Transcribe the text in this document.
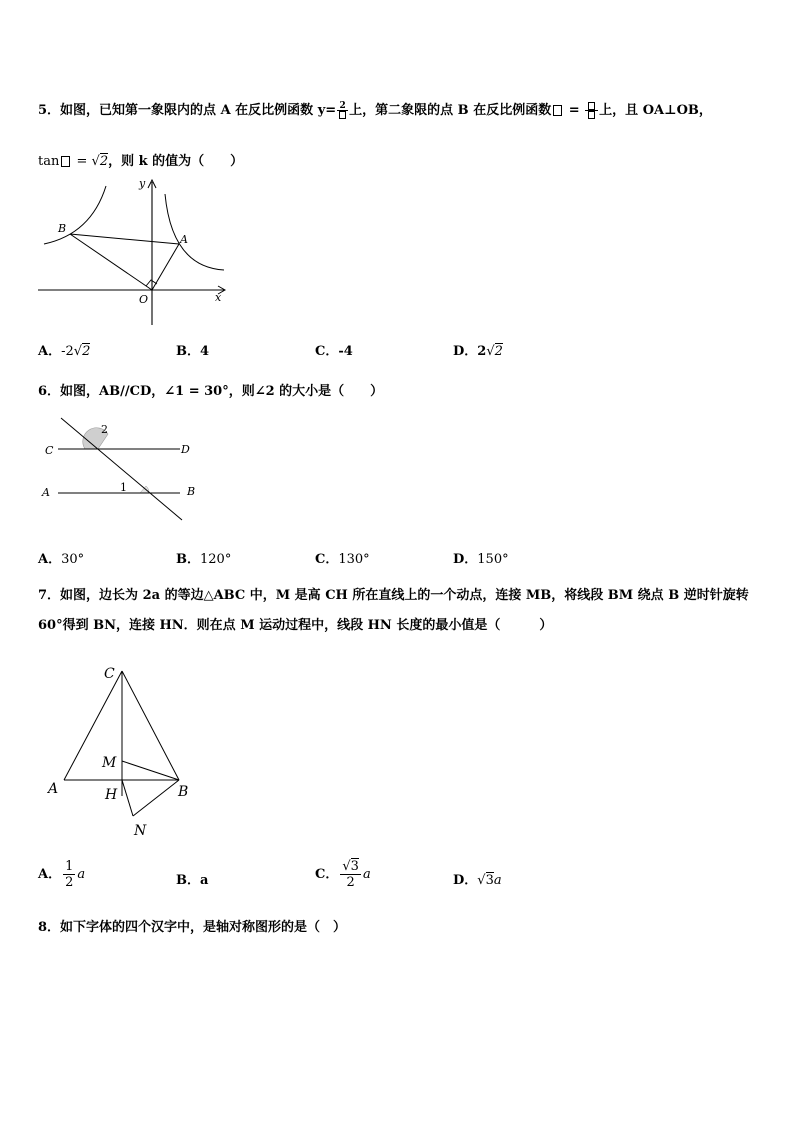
5．如图，已知第一象限内的点 A 在反比例函数 y= 2 上，第二象限的点 B 在反比例函数 = 上，且 OA⊥OB，
tan = √2，则 k 的值为（　　）
y
x
O
A
B
A．-2√2	B．4	C．-4	D．2√2
6．如图，AB//CD，∠1 = 30°，则∠2 的大小是（　　）
C	D
A	B
1
2
A．30°	B．120°	C．130°	D．150°
7．如图，边长为 2a 的等边△ABC 中，M 是高 CH 所在直线上的一个动点，连接 MB，将线段 BM 绕点 B 逆时针旋转
60°得到 BN，连接 HN．则在点 M 运动过程中，线段 HN 长度的最小值是（　　　）
C
M
A	H	B
N
A． $\frac{1}{2}$ a	B．a	C． $\frac{√3}{2}$ a	D．√3a
8．如下字体的四个汉字中，是轴对称图形的是（　）
